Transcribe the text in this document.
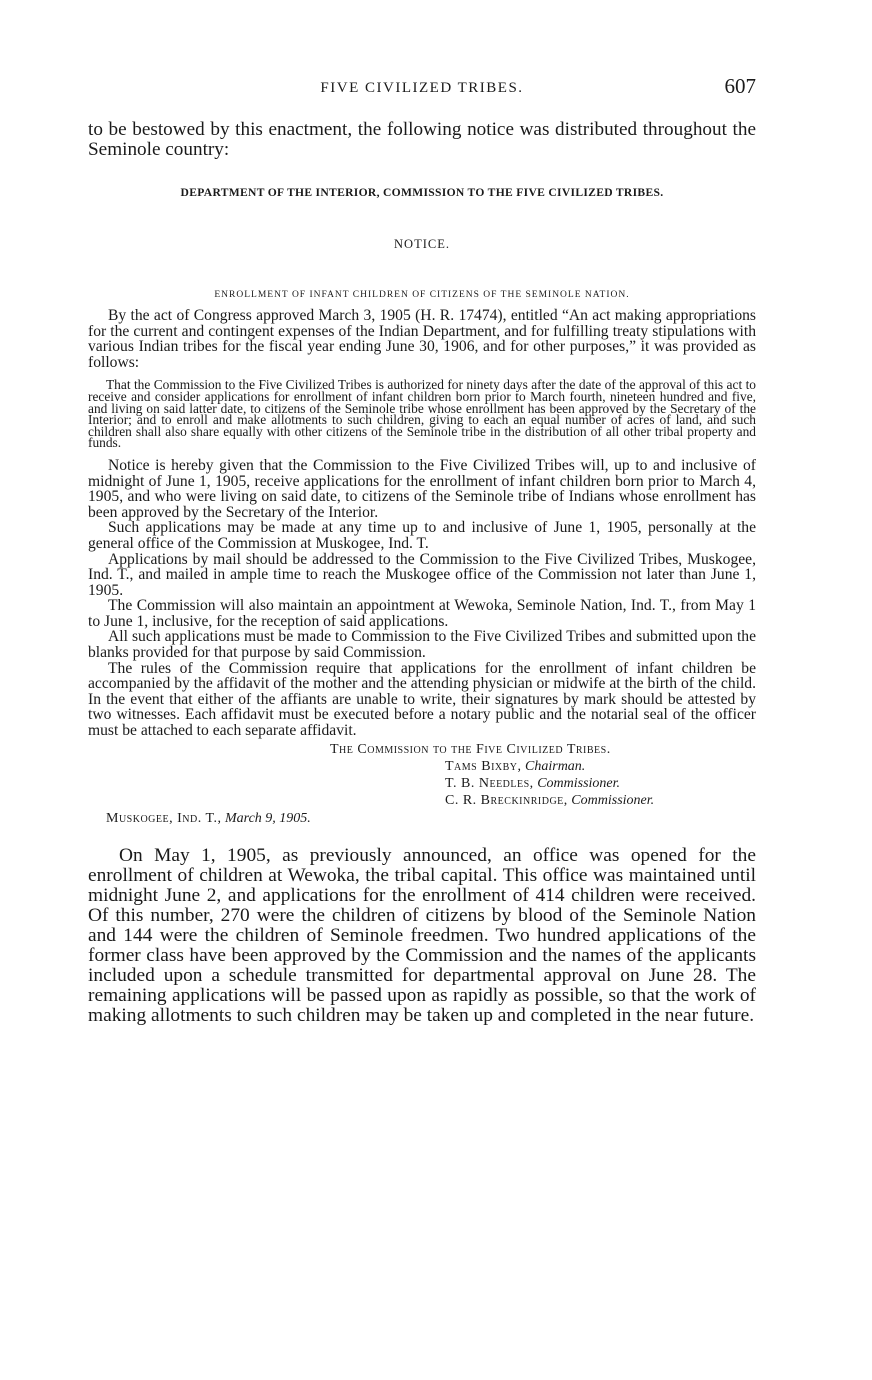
FIVE CIVILIZED TRIBES.	607

to be bestowed by this enactment, the following notice was distributed throughout the Seminole country:

DEPARTMENT OF THE INTERIOR, COMMISSION TO THE FIVE CIVILIZED TRIBES.
NOTICE.
ENROLLMENT OF INFANT CHILDREN OF CITIZENS OF THE SEMINOLE NATION.

By the act of Congress approved March 3, 1905 (H. R. 17474), entitled “An act making appropriations for the current and contingent expenses of the Indian Department, and for fulfilling treaty stipulations with various Indian tribes for the fiscal year ending June 30, 1906, and for other purposes,” it was provided as follows:

That the Commission to the Five Civilized Tribes is authorized for ninety days after the date of the approval of this act to receive and consider applications for enrollment of infant children born prior to March fourth, nineteen hundred and five, and living on said latter date, to citizens of the Seminole tribe whose enrollment has been approved by the Secretary of the Interior; and to enroll and make allotments to such children, giving to each an equal number of acres of land, and such children shall also share equally with other citizens of the Seminole tribe in the distribution of all other tribal property and funds.

Notice is hereby given that the Commission to the Five Civilized Tribes will, up to and inclusive of midnight of June 1, 1905, receive applications for the enrollment of infant children born prior to March 4, 1905, and who were living on said date, to citizens of the Seminole tribe of Indians whose enrollment has been approved by the Secretary of the Interior.

Such applications may be made at any time up to and inclusive of June 1, 1905, personally at the general office of the Commission at Muskogee, Ind. T.

Applications by mail should be addressed to the Commission to the Five Civilized Tribes, Muskogee, Ind. T., and mailed in ample time to reach the Muskogee office of the Commission not later than June 1, 1905.

The Commission will also maintain an appointment at Wewoka, Seminole Nation, Ind. T., from May 1 to June 1, inclusive, for the reception of said applications.

All such applications must be made to Commission to the Five Civilized Tribes and submitted upon the blanks provided for that purpose by said Commission.

The rules of the Commission require that applications for the enrollment of infant children be accompanied by the affidavit of the mother and the attending physician or midwife at the birth of the child. In the event that either of the affiants are unable to write, their signatures by mark should be attested by two witnesses. Each affidavit must be executed before a notary public and the notarial seal of the officer must be attached to each separate affidavit.

The Commission to the Five Civilized Tribes.
Tams Bixby, Chairman.
T. B. Needles, Commissioner.
C. R. Breckinridge, Commissioner.
Muskogee, Ind. T., March 9, 1905.

On May 1, 1905, as previously announced, an office was opened for the enrollment of children at Wewoka, the tribal capital. This office was maintained until midnight June 2, and applications for the enrollment of 414 children were received. Of this number, 270 were the children of citizens by blood of the Seminole Nation and 144 were the children of Seminole freedmen. Two hundred applications of the former class have been approved by the Commission and the names of the applicants included upon a schedule transmitted for departmental approval on June 28. The remaining applications will be passed upon as rapidly as possible, so that the work of making allotments to such children may be taken up and completed in the near future.
